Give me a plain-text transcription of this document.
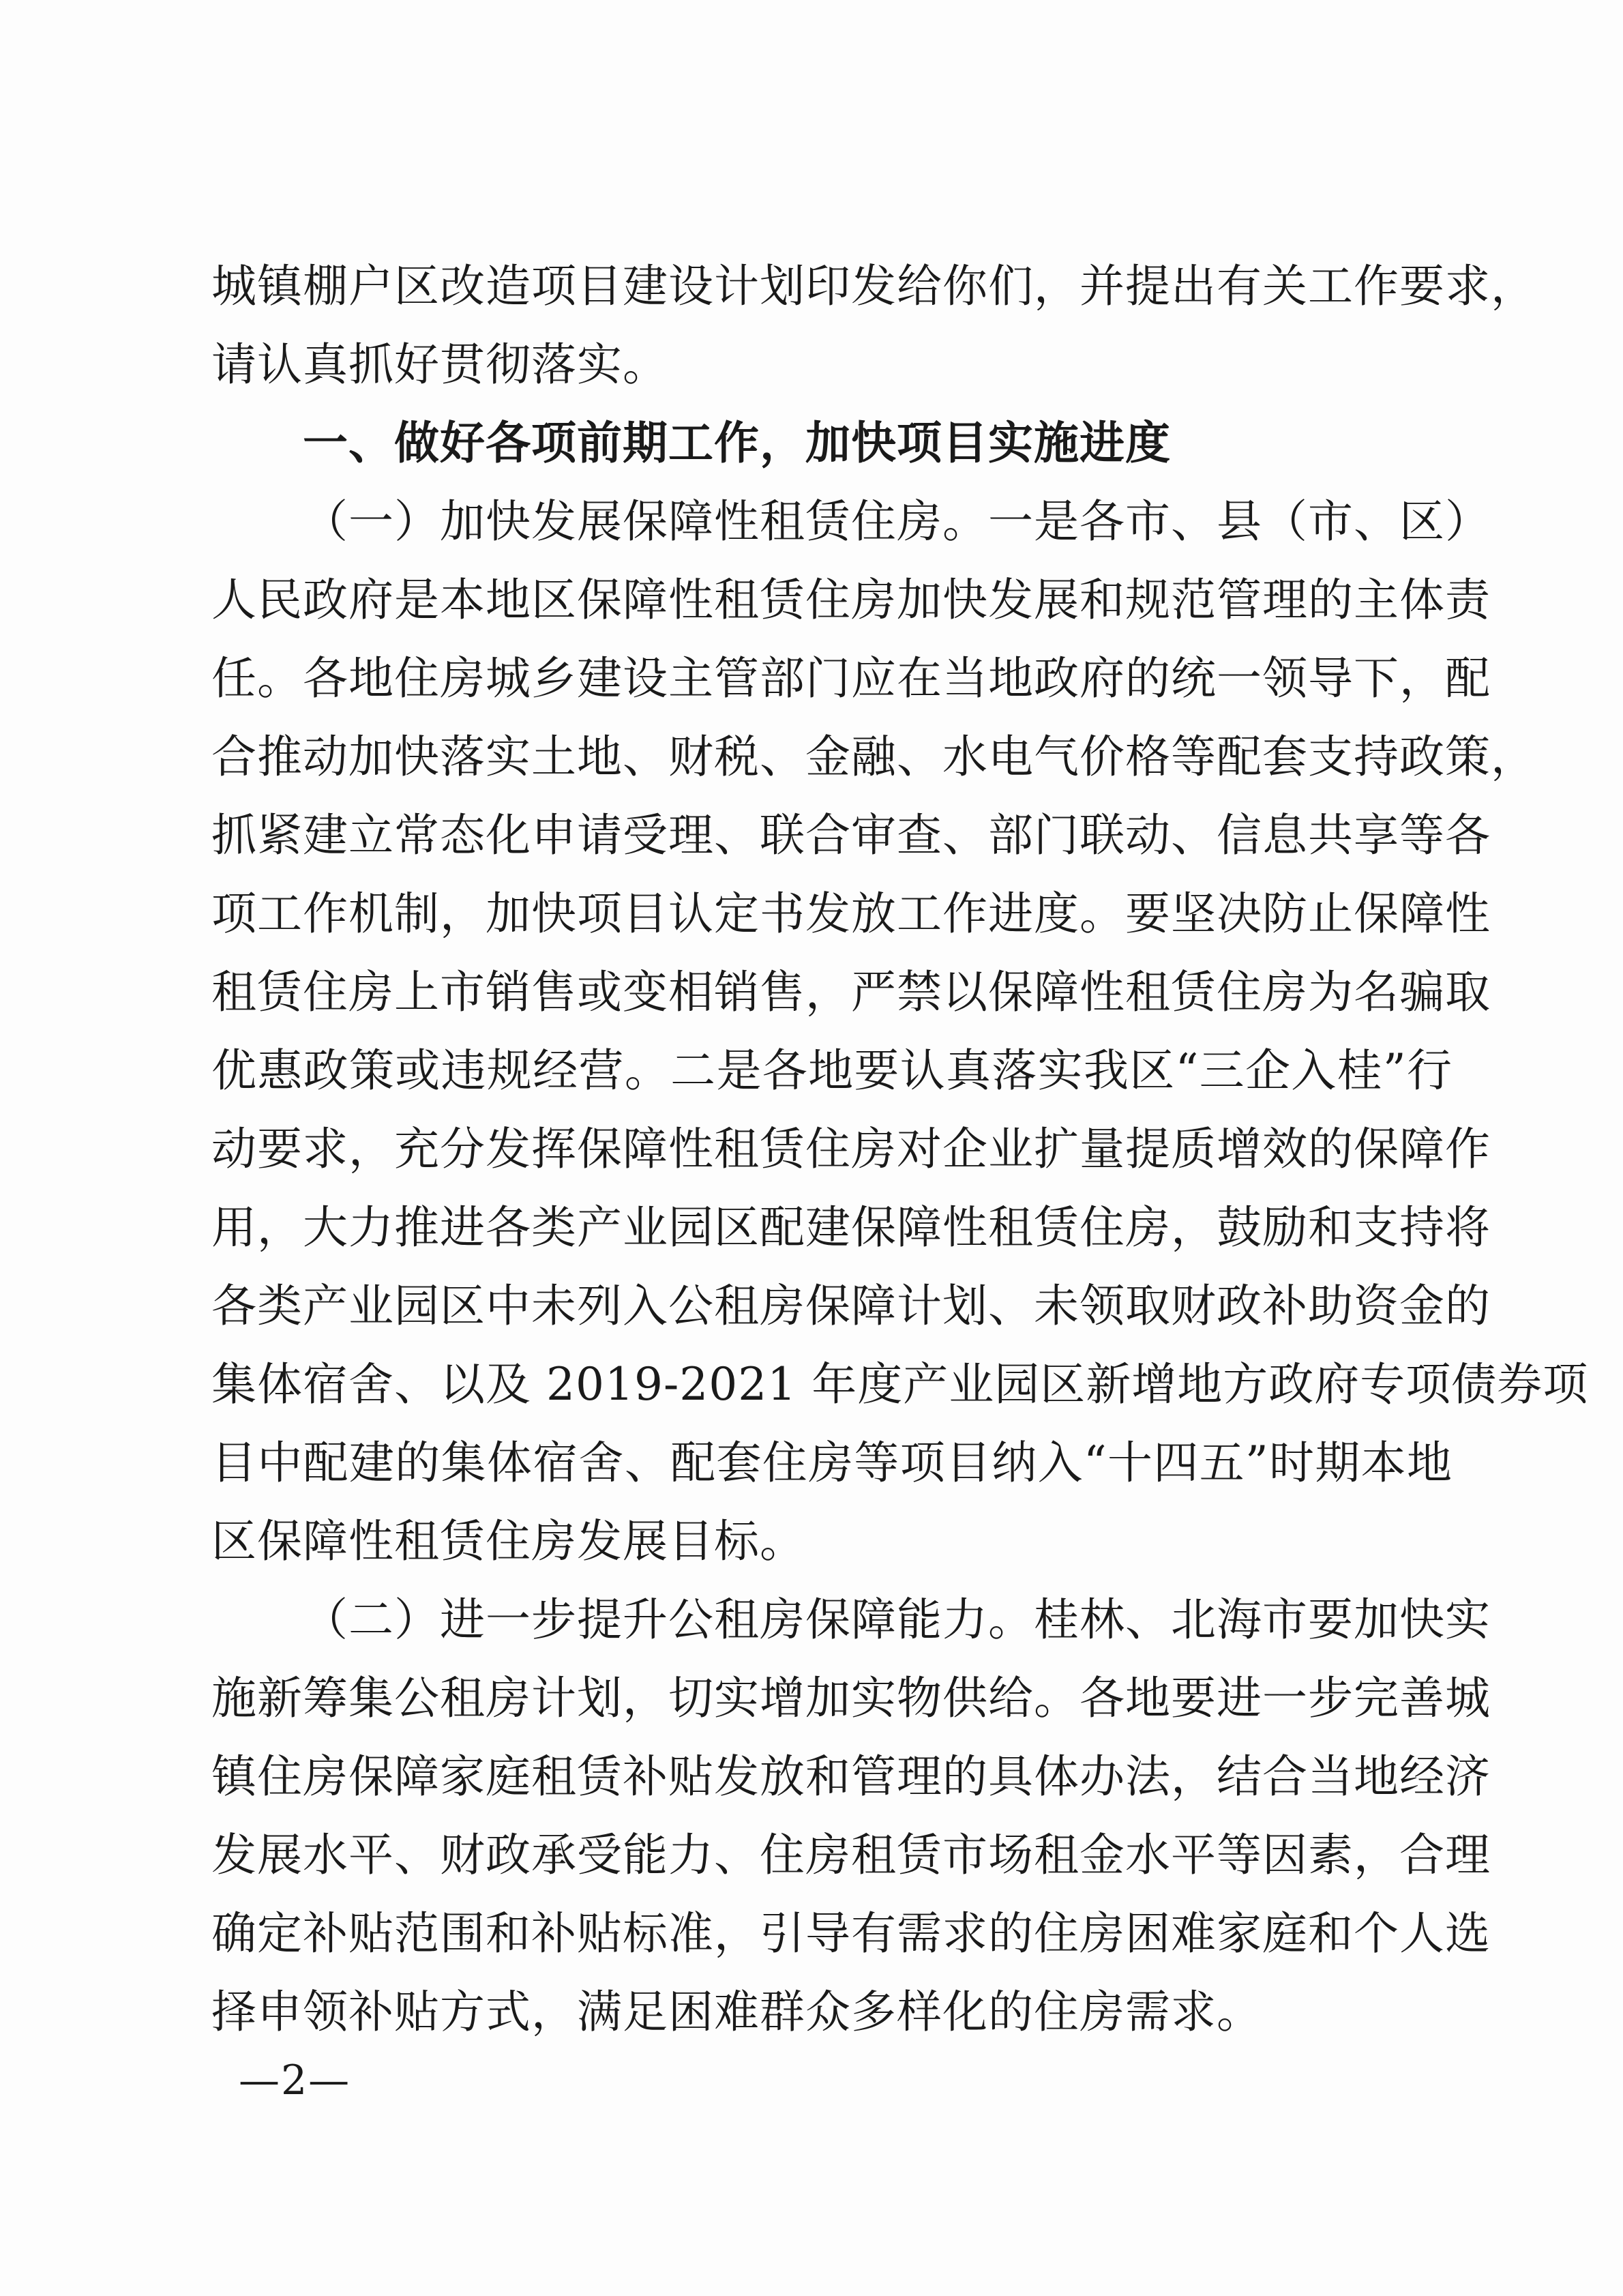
城镇棚户区改造项目建设计划印发给你们，并提出有关工作要求，

请认真抓好贯彻落实。

一、做好各项前期工作，加快项目实施进度

（一）加快发展保障性租赁住房。一是各市、县（市、区）

人民政府是本地区保障性租赁住房加快发展和规范管理的主体责

任。各地住房城乡建设主管部门应在当地政府的统一领导下，配

合推动加快落实土地、财税、金融、水电气价格等配套支持政策，

抓紧建立常态化申请受理、联合审查、部门联动、信息共享等各

项工作机制，加快项目认定书发放工作进度。要坚决防止保障性

租赁住房上市销售或变相销售，严禁以保障性租赁住房为名骗取

优惠政策或违规经营。二是各地要认真落实我区“三企入桂”行

动要求，充分发挥保障性租赁住房对企业扩量提质增效的保障作

用，大力推进各类产业园区配建保障性租赁住房，鼓励和支持将

各类产业园区中未列入公租房保障计划、未领取财政补助资金的

集体宿舍、以及 2019-2021 年度产业园区新增地方政府专项债券项

目中配建的集体宿舍、配套住房等项目纳入“十四五”时期本地

区保障性租赁住房发展目标。

（二）进一步提升公租房保障能力。桂林、北海市要加快实

施新筹集公租房计划，切实增加实物供给。各地要进一步完善城

镇住房保障家庭租赁补贴发放和管理的具体办法，结合当地经济

发展水平、财政承受能力、住房租赁市场租金水平等因素，合理

确定补贴范围和补贴标准，引导有需求的住房困难家庭和个人选

择申领补贴方式，满足困难群众多样化的住房需求。

—2—
